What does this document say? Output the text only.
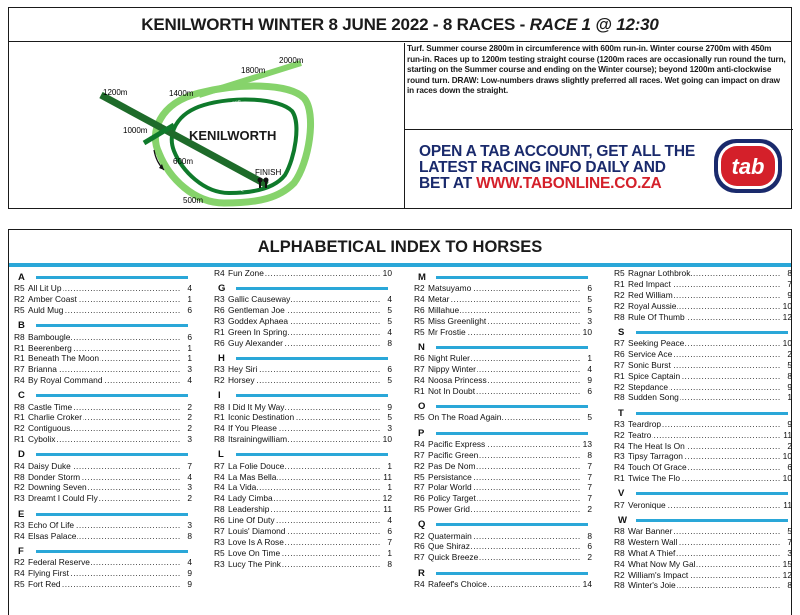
KENILWORTH WINTER 8 JUNE 2022 - 8 RACES - RACE 1 @ 12:30
2000m
1800m
1400m
1200m
1000m
600m
500m
KENILWORTH
WINTER COURSE
SUMMER COURSE
FINISH
Turf. Summer course 2800m in circumference with 600m run-in. Winter course 2700m with 450m run-in. Races up to 1200m testing straight course (1200m races are occasionally run round the turn, starting on the Summer course and ending on the Winter course); beyond 1200m anti-clockwise round turn. DRAW: Low-numbers draws slightly preferred all races. Wet going can impact on draw in races down the straight.
OPEN A TAB ACCOUNT, GET ALL THE
LATEST RACING INFO DAILY AND
BET AT WWW.TABONLINE.CO.ZA
tab
ALPHABETICAL INDEX TO HORSES
A
R5 All Lit Up .....	4
R2 Amber Coast .....	1
R5 Auld Mug .....	6
B
R8 Bambougle .....	6
R1 Beerenberg .....	1
R1 Beneath The Moon .....	1
R7 Brianna .....	3
R4 By Royal Command .....	4
C
R8 Castle Time .....	2
R1 Charlie Croker .....	2
R2 Contiguous .....	2
R1 Cybolix .....	3
D
R4 Daisy Duke .....	7
R8 Donder Storm .....	4
R2 Downing Seven .....	3
R3 Dreamt I Could Fly .....	2
E
R3 Echo Of Life .....	3
R4 Elsas Palace .....	8
F
R2 Federal Reserve .....	4
R4 Flying First .....	9
R5 Fort Red .....	9
R4 Fun Zone .....	10
G
R3 Gallic Causeway .....	4
R6 Gentleman Joe .....	5
R3 Goddex Aphaea .....	5
R1 Green In Spring .....	4
R6 Guy Alexander .....	8
H
R3 Hey Siri .....	6
R2 Horsey .....	5
I
R8 I Did It My Way .....	9
R1 Iconic Destination .....	5
R4 If You Please .....	3
R8 Itsrainingwilliam .....	10
L
R7 La Folie Douce .....	1
R4 La Mas Bella .....	11
R4 La Vida .....	1
R4 Lady Cimba .....	12
R8 Leadership .....	11
R6 Line Of Duty .....	4
R7 Louis' Diamond .....	6
R3 Love Is A Rose .....	7
R5 Love On Time .....	1
R3 Lucy The Pink .....	8
M
R2 Matsuyamo .....	6
R4 Metar .....	5
R6 Millahue .....	5
R5 Miss Greenlight .....	3
R5 Mr Frostie .....	10
N
R6 Night Ruler .....	1
R7 Nippy Winter .....	4
R4 Noosa Princess .....	9
R1 Not In Doubt .....	6
O
R5 On The Road Again .....	5
P
R4 Pacific Express .....	13
R7 Pacific Green .....	8
R2 Pas De Nom .....	7
R5 Persistance .....	7
R7 Polar World .....	7
R6 Policy Target .....	7
R5 Power Grid .....	2
Q
R2 Quatermain .....	8
R6 Que Shiraz .....	6
R7 Quick Breeze .....	2
R
R4 Rafeef's Choice .....	14
R5 Ragnar Lothbrok .....	8
R1 Red Impact .....	7
R2 Red William .....	9
R2 Royal Aussie .....	10
R8 Rule Of Thumb .....	12
S
R7 Seeking Peace .....	10
R6 Service Ace .....	2
R7 Sonic Burst .....	5
R1 Spice Captain .....	8
R2 Stepdance .....	9
R8 Sudden Song .....	1
T
R3 Teardrop .....	9
R2 Teatro .....	11
R4 The Heat Is On .....	2
R3 Tipsy Tarragon .....	10
R4 Touch Of Grace .....	6
R1 Twice The Flo .....	10
V
R7 Veronique .....	11
W
R8 War Banner .....	5
R8 Western Wall .....	7
R8 What A Thief .....	3
R4 What Now My Gal .....	15
R2 William's Impact .....	12
R8 Winter's Joie .....	8
